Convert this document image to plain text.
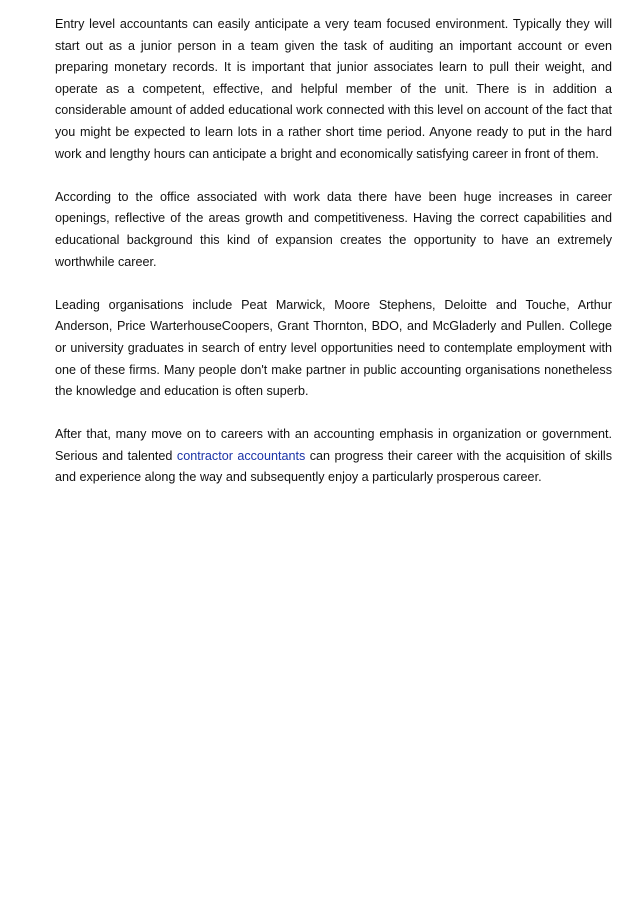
Entry level accountants can easily anticipate a very team focused environment. Typically they will start out as a junior person in a team given the task of auditing an important account or even preparing monetary records. It is important that junior associates learn to pull their weight, and operate as a competent, effective, and helpful member of the unit. There is in addition a considerable amount of added educational work connected with this level on account of the fact that you might be expected to learn lots in a rather short time period. Anyone ready to put in the hard work and lengthy hours can anticipate a bright and economically satisfying career in front of them.

According to the office associated with work data there have been huge increases in career openings, reflective of the areas growth and competitiveness. Having the correct capabilities and educational background this kind of expansion creates the opportunity to have an extremely worthwhile career.

Leading organisations include Peat Marwick, Moore Stephens, Deloitte and Touche, Arthur Anderson, Price WarterhouseCoopers, Grant Thornton, BDO, and McGladerly and Pullen. College or university graduates in search of entry level opportunities need to contemplate employment with one of these firms. Many people don't make partner in public accounting organisations nonetheless the knowledge and education is often superb.

After that, many move on to careers with an accounting emphasis in organization or government. Serious and talented contractor accountants can progress their career with the acquisition of skills and experience along the way and subsequently enjoy a particularly prosperous career.
